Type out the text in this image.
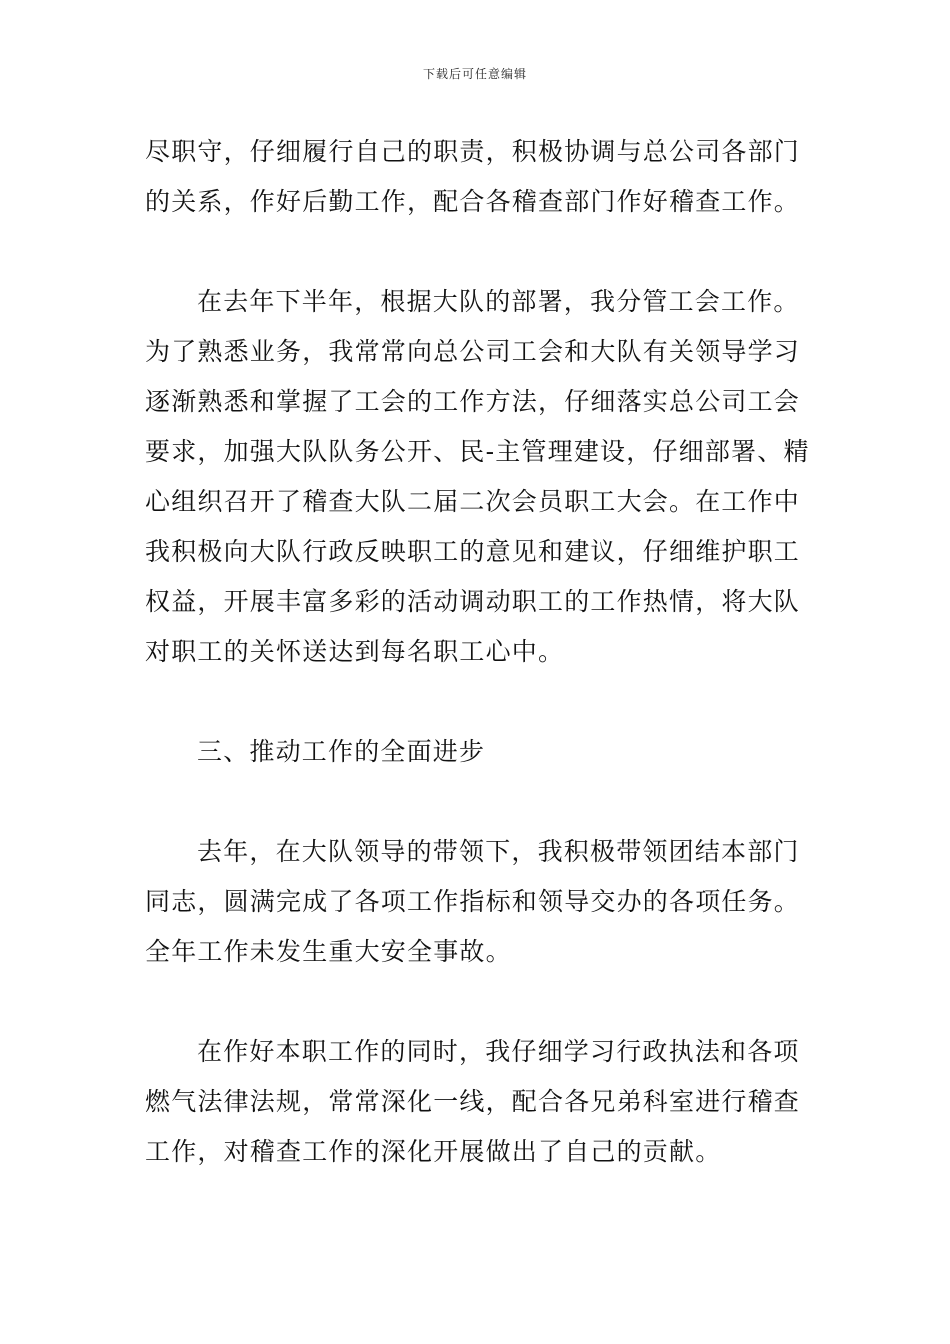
下载后可任意编辑
尽职守，仔细履行自己的职责，积极协调与总公司各部门
的关系，作好后勤工作，配合各稽查部门作好稽查工作。
在去年下半年，根据大队的部署，我分管工会工作。
为了熟悉业务，我常常向总公司工会和大队有关领导学习
逐渐熟悉和掌握了工会的工作方法，仔细落实总公司工会
要求，加强大队队务公开、民-主管理建设，仔细部署、精
心组织召开了稽查大队二届二次会员职工大会。在工作中
我积极向大队行政反映职工的意见和建议，仔细维护职工
权益，开展丰富多彩的活动调动职工的工作热情，将大队
对职工的关怀送达到每名职工心中。
三、推动工作的全面进步
去年，在大队领导的带领下，我积极带领团结本部门
同志，圆满完成了各项工作指标和领导交办的各项任务。
全年工作未发生重大安全事故。
在作好本职工作的同时，我仔细学习行政执法和各项
燃气法律法规，常常深化一线，配合各兄弟科室进行稽查
工作，对稽查工作的深化开展做出了自己的贡献。
